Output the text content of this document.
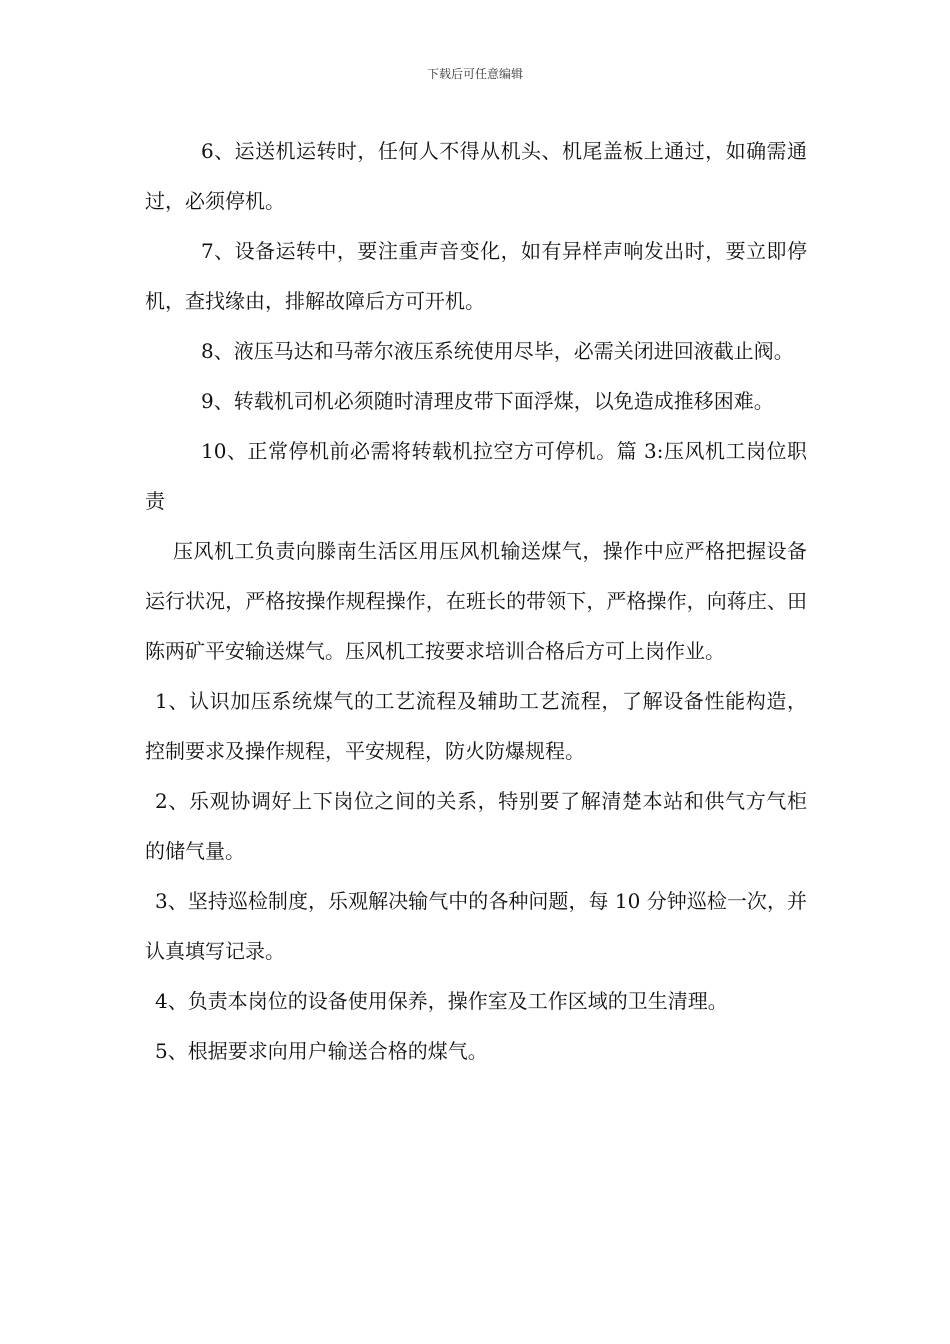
下载后可任意编辑

6、运送机运转时，任何人不得从机头、机尾盖板上通过，如确需通过，必须停机。

7、设备运转中，要注重声音变化，如有异样声响发出时，要立即停机，查找缘由，排解故障后方可开机。

8、液压马达和马蒂尔液压系统使用尽毕，必需关闭进回液截止阀。

9、转载机司机必须随时清理皮带下面浮煤，以免造成推移困难。

10、正常停机前必需将转载机拉空方可停机。篇 3:压风机工岗位职责

压风机工负责向滕南生活区用压风机输送煤气，操作中应严格把握设备运行状况，严格按操作规程操作，在班长的带领下，严格操作，向蒋庄、田陈两矿平安输送煤气。压风机工按要求培训合格后方可上岗作业。

1、认识加压系统煤气的工艺流程及辅助工艺流程，了解设备性能构造，控制要求及操作规程，平安规程，防火防爆规程。

2、乐观协调好上下岗位之间的关系，特别要了解清楚本站和供气方气柜的储气量。

3、坚持巡检制度，乐观解决输气中的各种问题，每 10 分钟巡检一次，并认真填写记录。

4、负责本岗位的设备使用保养，操作室及工作区域的卫生清理。

5、根据要求向用户输送合格的煤气。
